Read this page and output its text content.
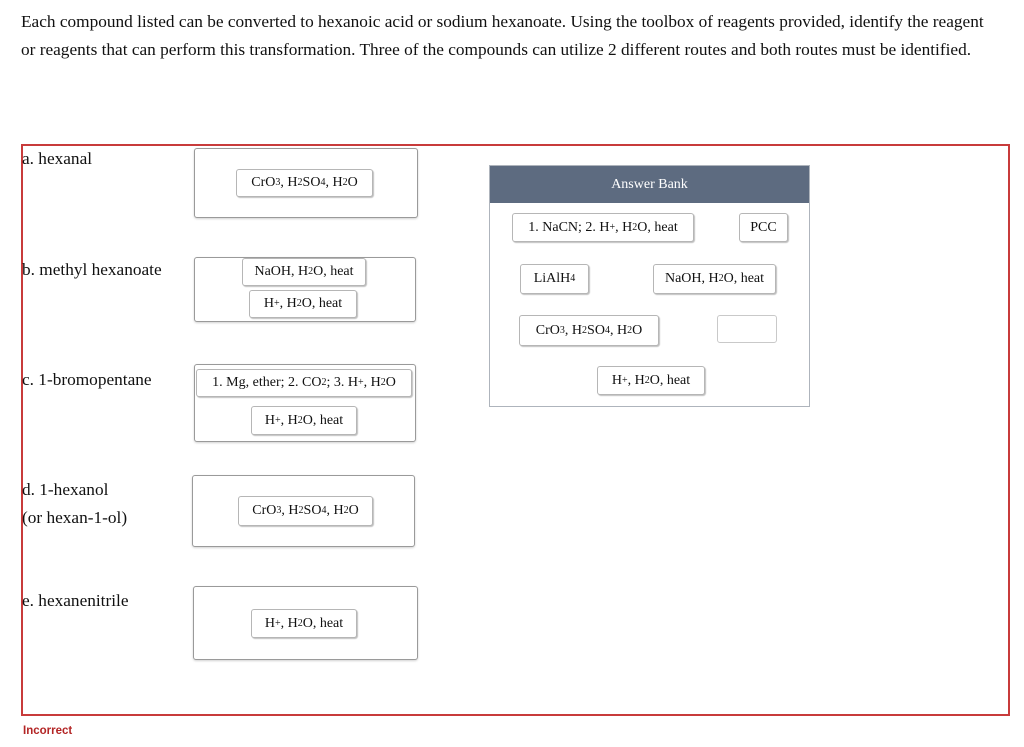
Each compound listed can be converted to hexanoic acid or sodium hexanoate. Using the toolbox of reagents provided, identify the reagent or reagents that can perform this transformation. Three of the compounds can utilize 2 different routes and both routes must be identified.

a. hexanal
b. methyl hexanoate
c. 1-bromopentane
d. 1-hexanol
(or hexan-1-ol)
e. hexanenitrile
CrO 3 , H 2 SO 4 , H 2 O
NaOH, H 2 O, heat
H + , H 2 O, heat
1. Mg, ether; 2. CO 2 ; 3. H + , H 2 O
H + , H 2 O, heat
CrO 3 , H 2 SO 4 , H 2 O
H + , H 2 O, heat
Answer Bank
1. NaCN; 2. H + , H 2 O, heat	PCC
LiAlH 4	NaOH, H 2 O, heat
CrO 3 , H 2 SO 4 , H 2 O
H + , H 2 O, heat
Incorrect
